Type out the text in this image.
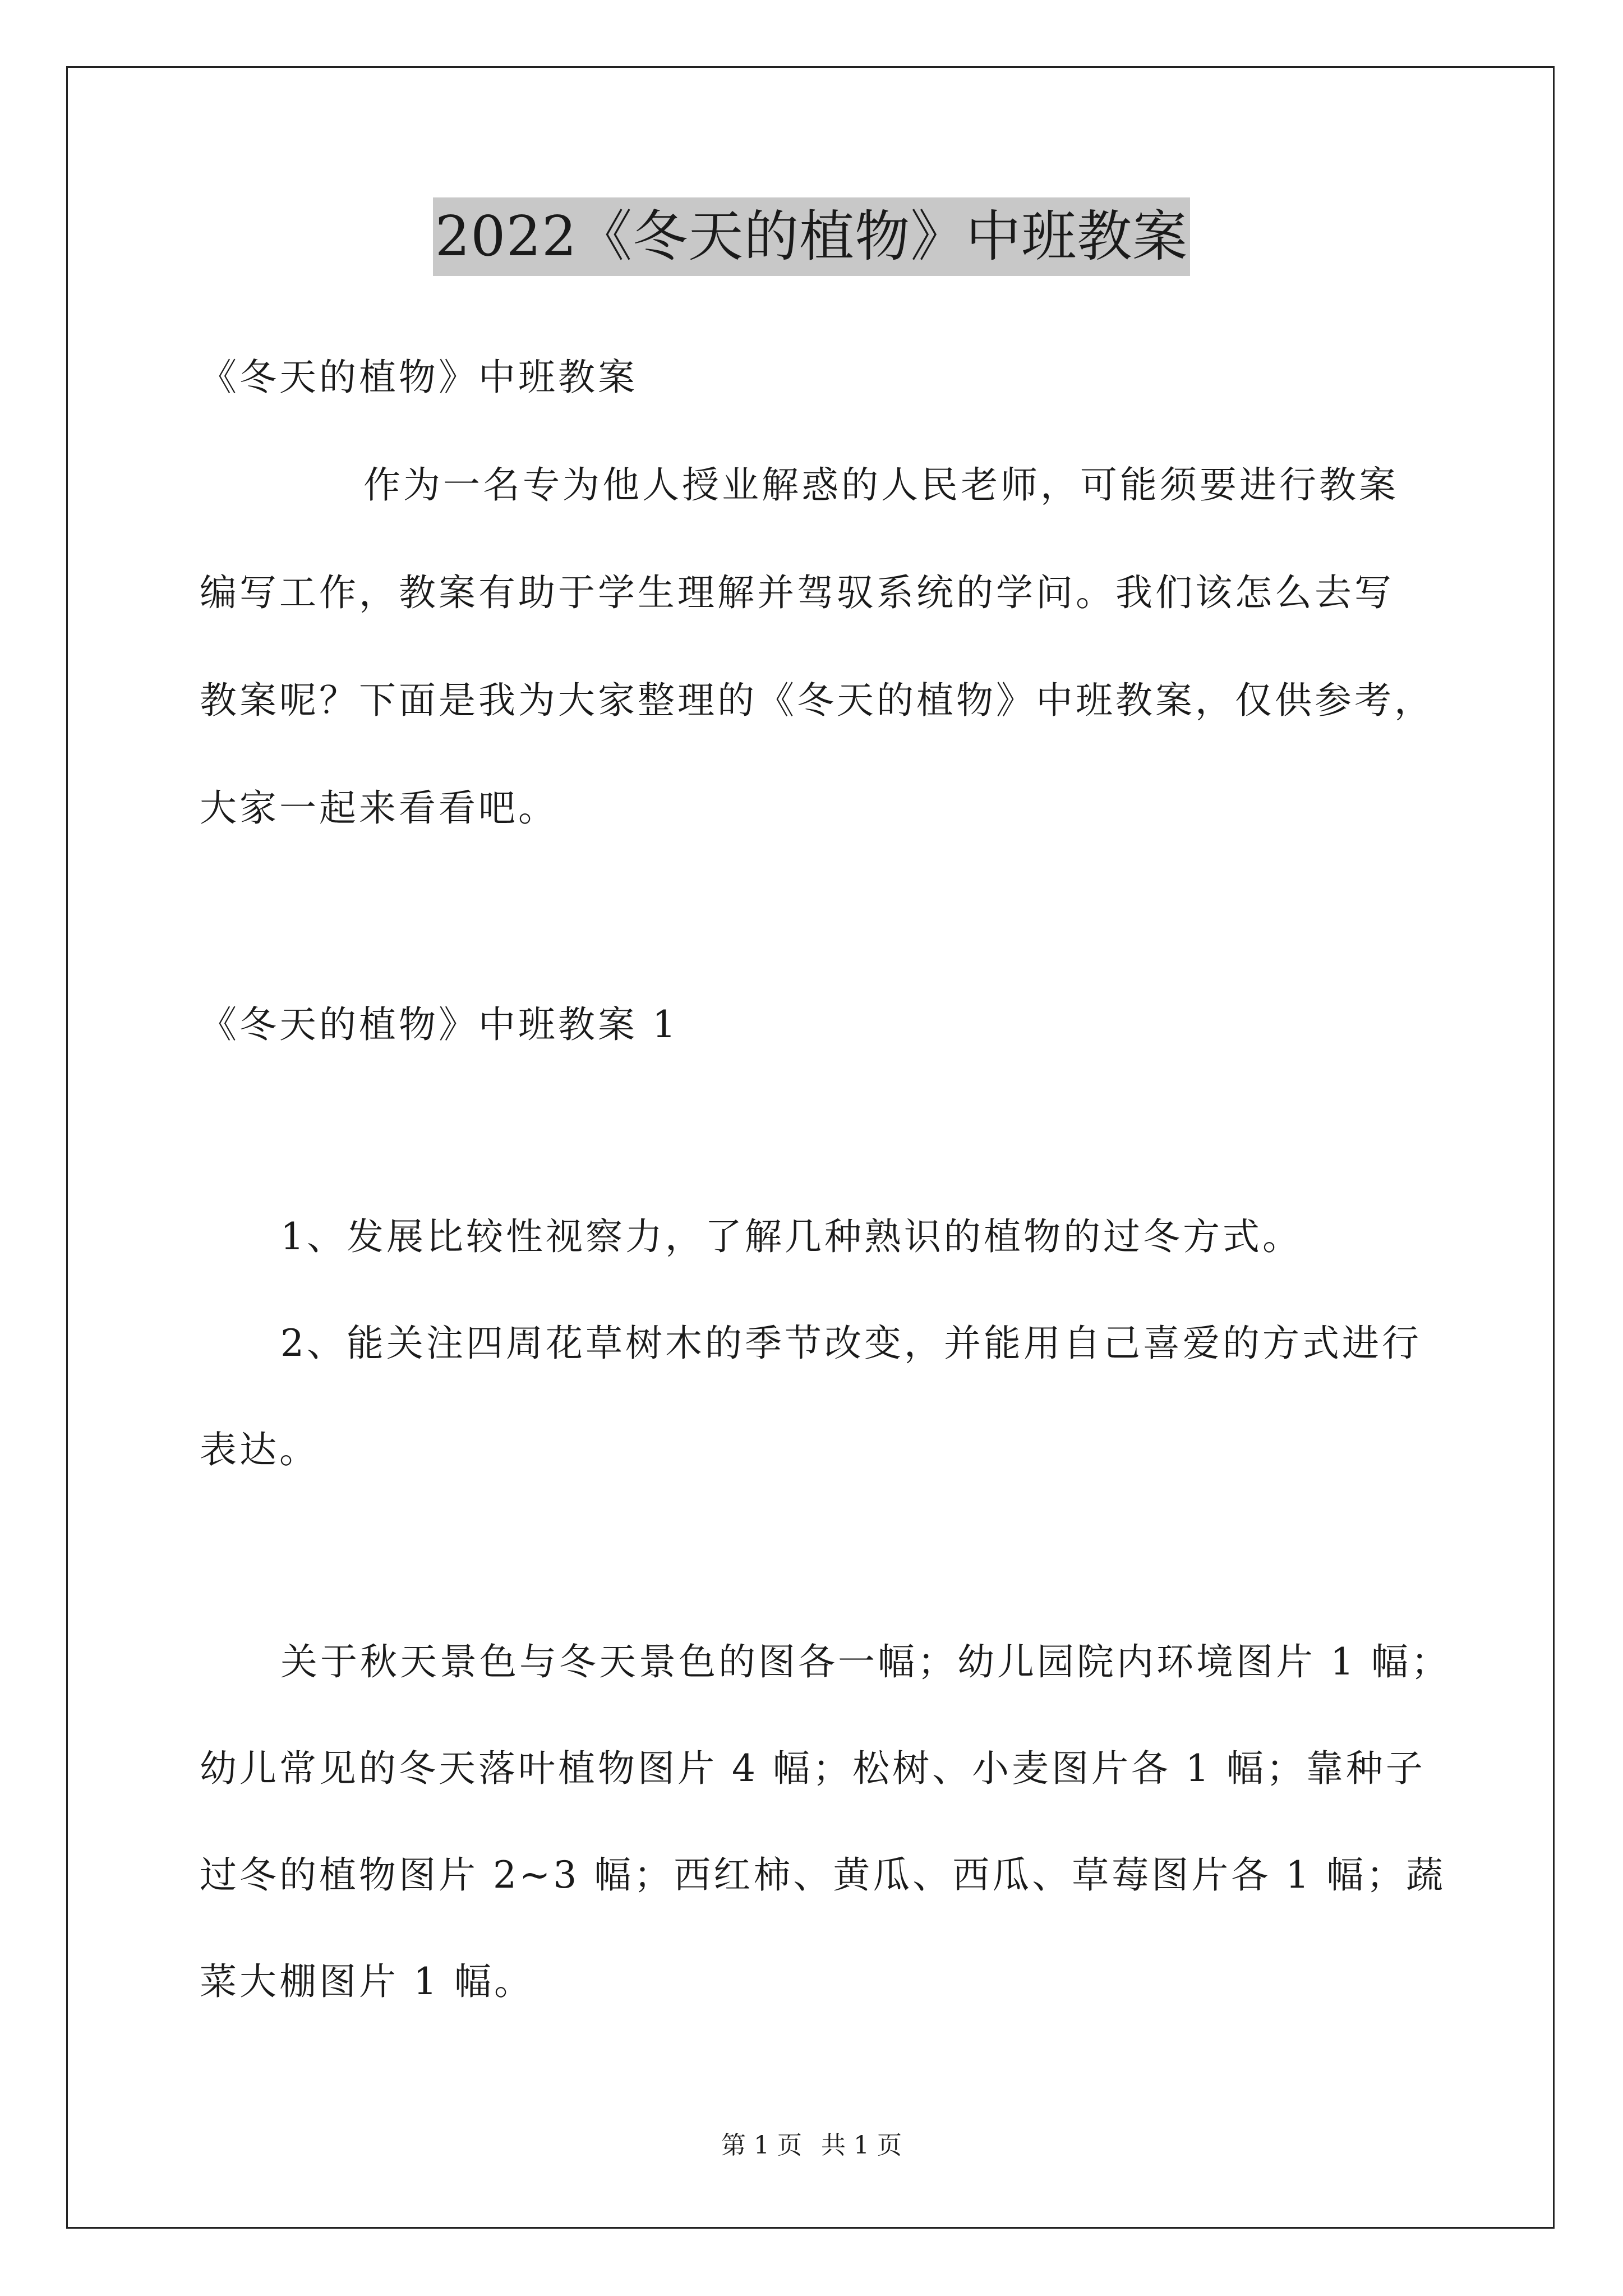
2022《冬天的植物》中班教案
《冬天的植物》中班教案
作为一名专为他人授业解惑的人民老师，可能须要进行教案
编写工作，教案有助于学生理解并驾驭系统的学问。我们该怎么去写
教案呢？下面是我为大家整理的《冬天的植物》中班教案，仅供参考，
大家一起来看看吧。
《冬天的植物》中班教案 1
1、发展比较性视察力，了解几种熟识的植物的过冬方式。
2、能关注四周花草树木的季节改变，并能用自己喜爱的方式进行
表达。
关于秋天景色与冬天景色的图各一幅；幼儿园院内环境图片 1 幅；
幼儿常见的冬天落叶植物图片 4 幅；松树、小麦图片各 1 幅；靠种子
过冬的植物图片 2~3 幅；西红柿、黄瓜、西瓜、草莓图片各 1 幅；蔬
菜大棚图片 1 幅。
第 1 页 共 1 页
